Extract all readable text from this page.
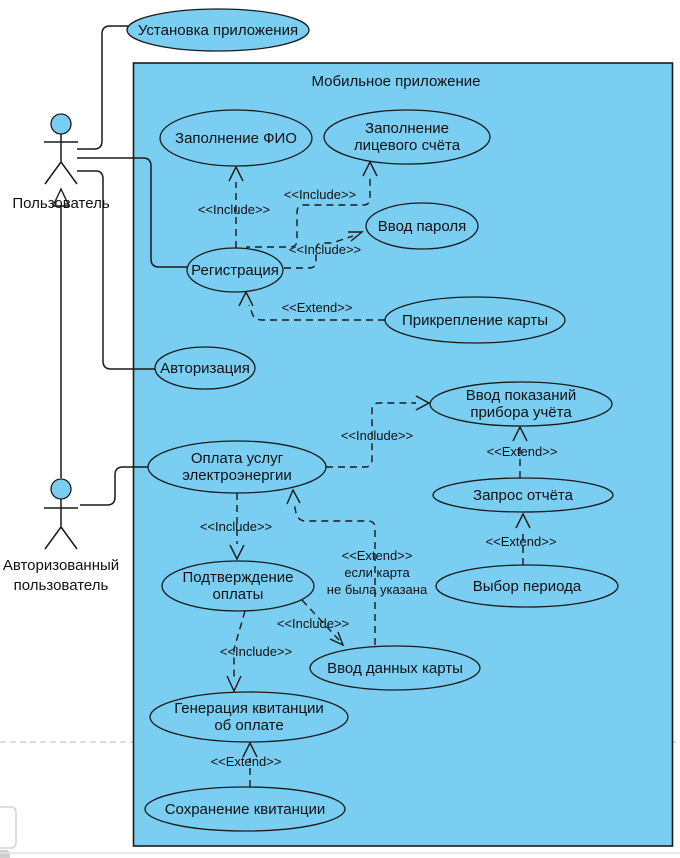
Мобильное приложение
Установка приложения
Заполнение ФИО
Заполнение
лицевого счёта
Ввод пароля
Регистрация
Прикрепление карты
Авторизация
Ввод показаний
прибора учёта
Оплата услуг
электроэнергии
Запрос отчёта
Выбор периода
Подтверждение
оплаты
Ввод данных карты
Генерация квитанции
об оплате
Сохранение квитанции
<<Include>>
<<Include>>
<<Include>>
<<Extend>>
<<Include>>
<<Extend>>
<<Extend>>
<<Include>>
<<Extend>>
если карта
не была указана
<<Include>>
<<Include>>
<<Extend>>
Пользователь
Авторизованный
пользователь
